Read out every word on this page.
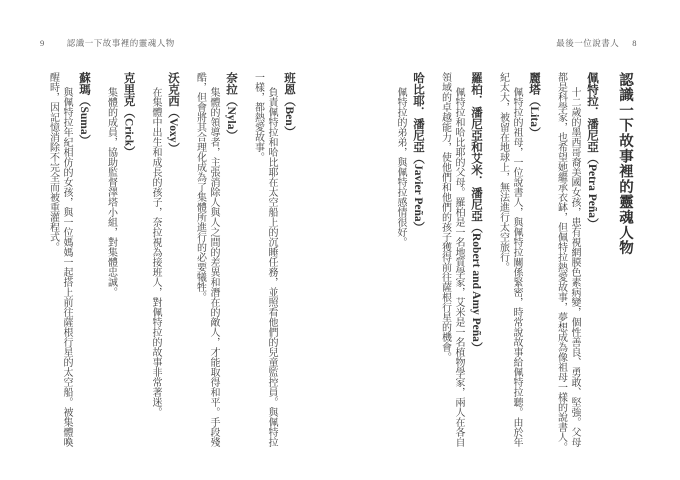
9	認識一下故事裡的靈魂人物
班恩（Ben）

負責佩特拉和哈比耶在太空船上的沉睡任務，並照看他們的兒童監控員。與佩特拉一樣，都熱愛故事。

奈拉（Nyla）

集體的領導者，主張消除人與人之間的差異和潛在的敵人，才能取得和平。手段殘酷，但會將其合理化成為了集體所進行的必要犧牲。

沃克西（Voxy）

在集體中出生和成長的孩子，奈拉視為接班人，對佩特拉的故事非常著迷。

克里克（Crick）

集體的成員，協助監督澤塔小組，對集體忠誠。

蘇瑪（Suma）

與佩特拉年紀相仿的女孩，與一位媽媽一起搭上前往薩根行星的太空船。被集體喚醒時，因記憶消除不完全而被重灌程式。

最後一位說書人 8
認識一下故事裡的靈魂人物
佩特拉．潘尼亞（Petra Peña）

十二歲的墨西哥裔美國女孩，患有視網膜色素病變，個性善良、勇敢、堅強。父母都是科學家，也希望她繼承衣缽，但佩特拉熱愛故事，夢想成為像祖母一樣的說書人。

麗塔（Lita）

佩特拉的祖母，一位說書人，與佩特拉關係緊密，時常說故事給佩特拉聽。由於年紀太大，被留在地球上，無法進行太空旅行。

羅柏．潘尼亞和艾米．潘尼亞（Robert and Amy Peña）

佩特拉和哈比耶的父母。羅柏是一名地質學家，艾米是一名植物學家，兩人在各自領域的卓越能力，使他們和他們的孩子獲得前往薩根行星的機會。

哈比耶．潘尼亞（Javier Peña）

佩特拉的弟弟，與佩特拉感情很好。
